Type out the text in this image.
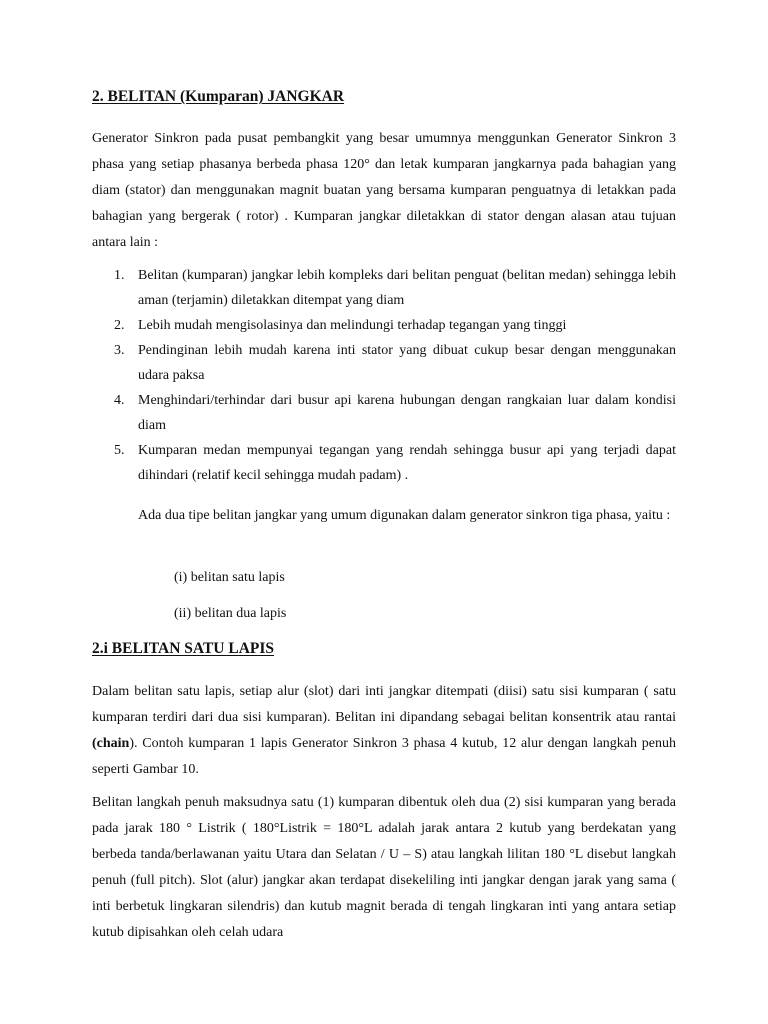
2. BELITAN (Kumparan) JANGKAR

Generator Sinkron pada pusat pembangkit yang besar umumnya menggunkan Generator Sinkron 3 phasa yang setiap phasanya berbeda phasa 120° dan letak kumparan jangkarnya pada bahagian yang diam (stator) dan menggunakan magnit buatan yang bersama kumparan penguatnya di letakkan pada bahagian yang bergerak ( rotor) . Kumparan jangkar diletakkan di stator dengan alasan atau tujuan antara lain :

1. Belitan (kumparan) jangkar lebih kompleks dari belitan penguat (belitan medan) sehingga lebih aman (terjamin) diletakkan ditempat yang diam
2. Lebih mudah mengisolasinya dan melindungi terhadap tegangan yang tinggi
3. Pendinginan lebih mudah karena inti stator yang dibuat cukup besar dengan menggunakan udara paksa
4. Menghindari/terhindar dari busur api karena hubungan dengan rangkaian luar dalam kondisi diam
5. Kumparan medan mempunyai tegangan yang rendah sehingga busur api yang terjadi dapat dihindari (relatif kecil sehingga mudah padam) .

Ada dua tipe belitan jangkar yang umum digunakan dalam generator sinkron tiga phasa, yaitu :

(i) belitan satu lapis

(ii) belitan dua lapis

2.i BELITAN SATU LAPIS

Dalam belitan satu lapis, setiap alur (slot) dari inti jangkar ditempati (diisi) satu sisi kumparan ( satu kumparan terdiri dari dua sisi kumparan). Belitan ini dipandang sebagai belitan konsentrik atau rantai (chain). Contoh kumparan 1 lapis Generator Sinkron 3 phasa 4 kutub, 12 alur dengan langkah penuh seperti Gambar 10.

Belitan langkah penuh maksudnya satu (1) kumparan dibentuk oleh dua (2) sisi kumparan yang berada pada jarak 180 ° Listrik ( 180°Listrik = 180°L adalah jarak antara 2 kutub yang berdekatan yang berbeda tanda/berlawanan yaitu Utara dan Selatan / U – S) atau langkah lilitan 180 °L disebut langkah penuh (full pitch). Slot (alur) jangkar akan terdapat disekeliling inti jangkar dengan jarak yang sama ( inti berbetuk lingkaran silendris) dan kutub magnit berada di tengah lingkaran inti yang antara setiap kutub dipisahkan oleh celah udara
